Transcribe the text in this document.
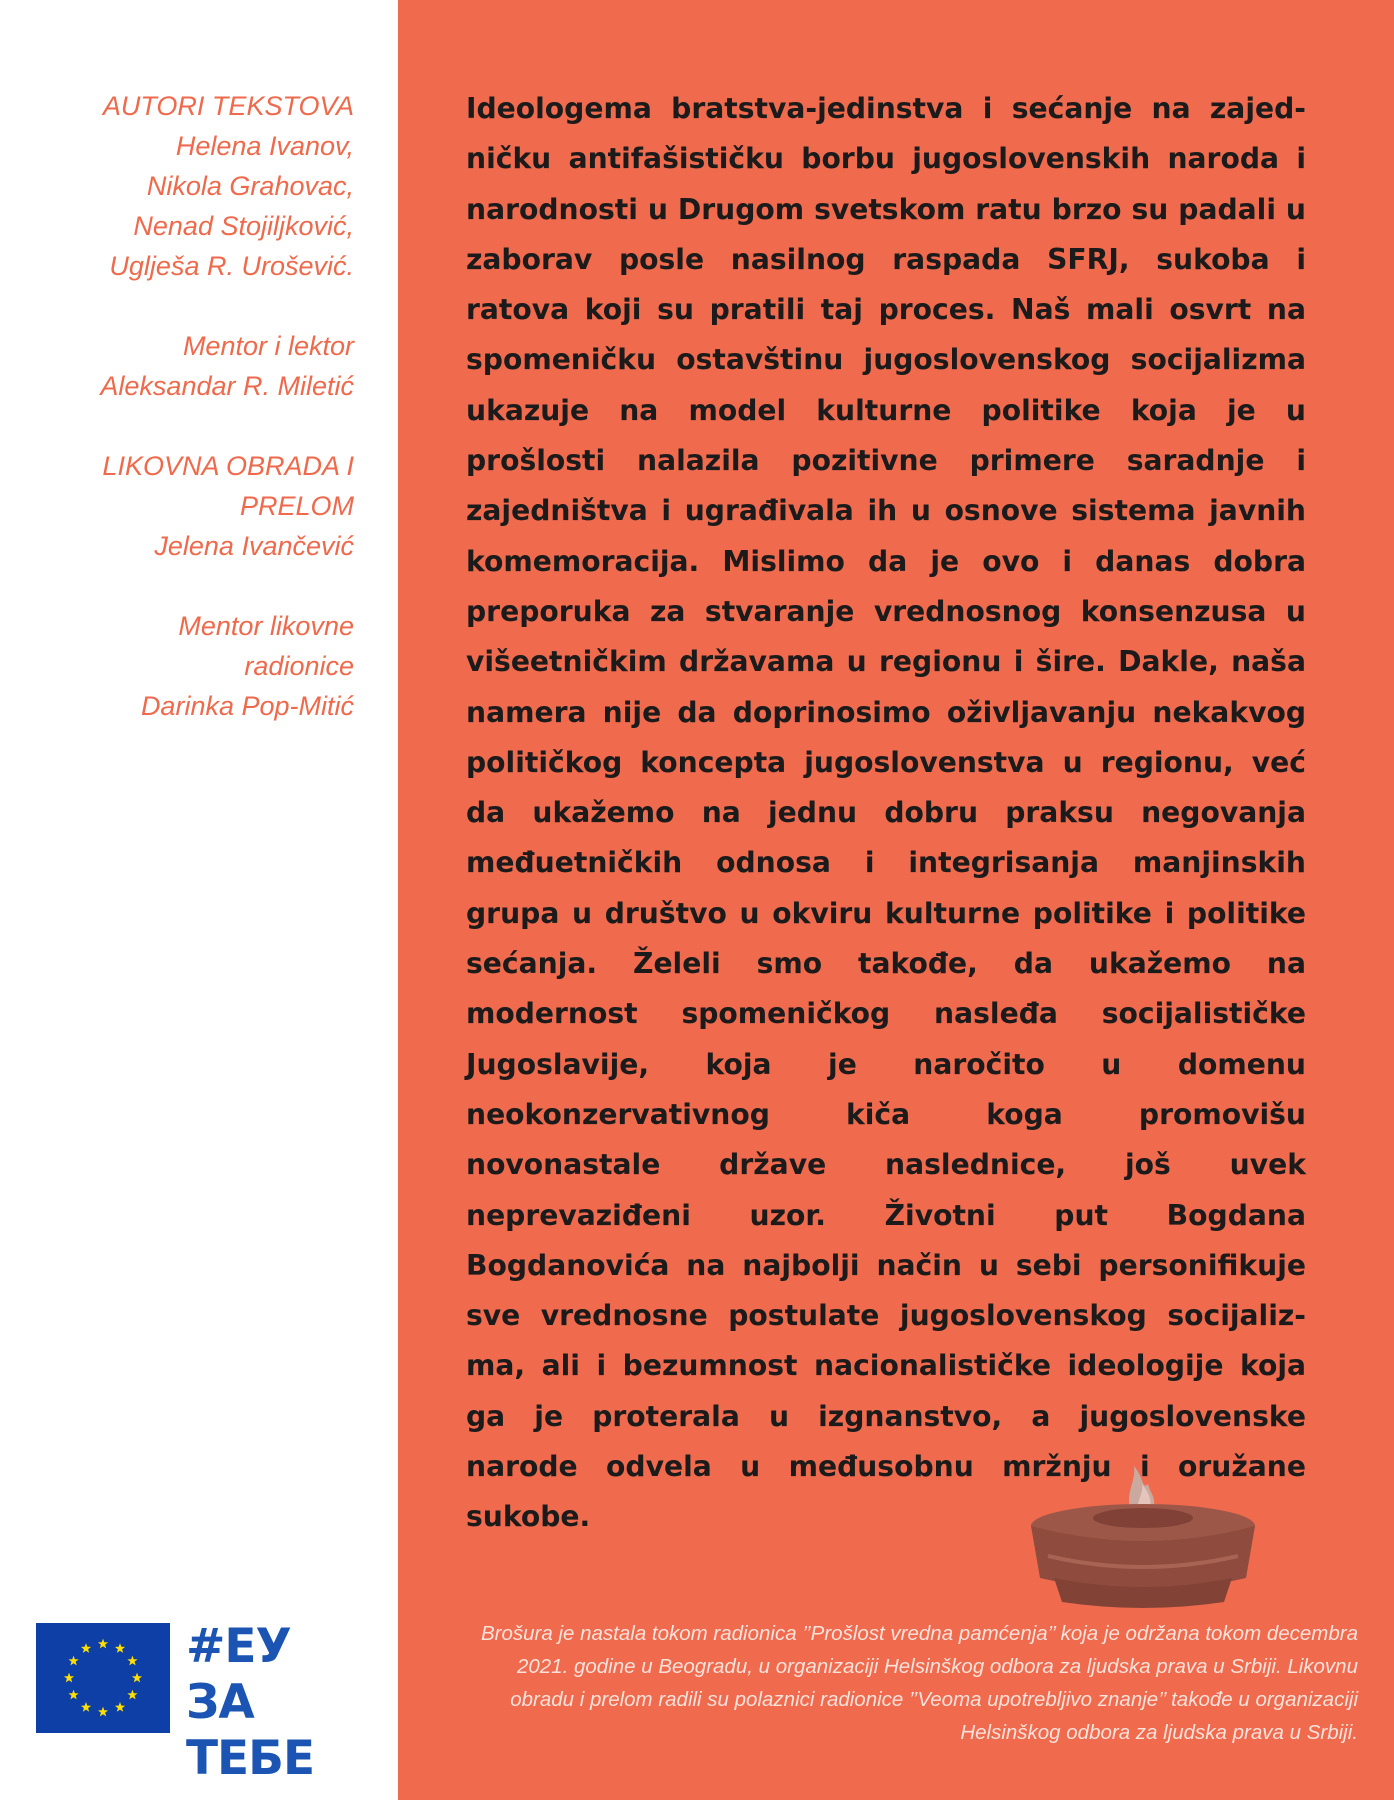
AUTORI TEKSTOVA
Helena Ivanov,
Nikola Grahovac,
Nenad Stojiljković,
Uglješa R. Urošević.
Mentor i lektor
Aleksandar R. Miletić
LIKOVNA OBRADA I
PRELOM
Jelena Ivančević
Mentor likovne
radionice
Darinka Pop-Mitić
#ЕУ
ЗА ТЕБЕ

Ideologema bratstva-jedinstva i sećanje na zajedničku antifašističku borbu jugoslovenskih naroda i narodnosti u Drugom svetskom ratu brzo su padali u zaborav posle nasilnog raspada SFRJ, sukoba i ratova koji su pratili taj proces. Naš mali osvrt na spomeničku ostavštinu jugoslovenskog socijalizma ukazuje na model kulturne politike koja je u prošlosti nalazila pozitivne primere saradnje i zajedništva i ugrađivala ih u osnove sistema javnih komemoracija. Mislimo da je ovo i danas dobra preporuka za stvaranje vrednosnog konsenzusa u višeetničkim državama u regionu i šire. Dakle, naša namera nije da doprinosimo oživljavanju nekakvog političkog koncepta jugoslovenstva u regionu, već da ukažemo na jednu dobru praksu negovanja međuetničkih odnosa i integrisanja manjinskih grupa u društvo u okviru kulturne politike i politike sećanja. Želeli smo takođe, da ukažemo na modernost spomeničkog nasleđa socijalističke Jugoslavije, koja je naročito u domenu neokonzervativnog kiča koga promovišu novonastale države naslednice, još uvek neprevaziđeni uzor. Životni put Bogdana Bogdanovića na najbolji način u sebi personifikuje sve vrednosne postulate jugoslovenskog socijalizma, ali i bezumnost nacionalističke ideologije koja ga je proterala u izgnanstvo, a jugoslovenske narode odvela u međusobnu mržnju i oružane sukobe.

Brošura je nastala tokom radionica ’’Prošlost vredna pamćenja’’ koja je održana tokom decembra 2021. godine u Beogradu, u organizaciji Helsinškog odbora za ljudska prava u Srbiji. Likovnu obradu i prelom radili su polaznici radionice ’’Veoma upotrebljivo znanje’’ takođe u organizaciji Helsinškog odbora za ljudska prava u Srbiji.
